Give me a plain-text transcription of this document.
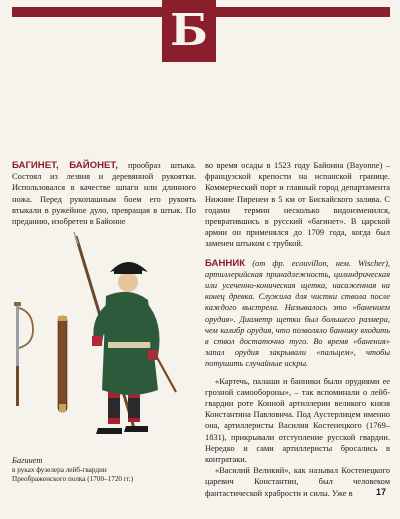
Б

БАГИНЕТ, БАЙОНЕТ, прообраз штыка. Состоял из лезвия и деревянной рукоятки. Использовался в качестве шпаги или длинного ножа. Перед рукопашным боем его рукоять втыкали в ружейное дуло, превращая в штык. По преданию, изобретен в Байонне

Багинет
в руках фузелера лейб-гвардии
Преображенского полка (1700–1720 гг.)

во время осады в 1523 году Байонна (Bayonne) – французской крепости на испанской границе. Коммерческий порт и главный город департамента Нижние Пиренеи в 5 км от Бискайского залива. С годами термин несколько видоизменился, превратившись в русский «багинет». В царской армии он применялся до 1709 года, когда был заменен штыком с трубкой.

БАННИК (от фр. ecouvillon, нем. Wischer), артиллерийская принадлежность, цилиндрическая или усеченно-коническая щетка, насаженная на конец древка. Служила для чистки ствола после каждого выстрела. Называлось это «банением орудия». Диаметр щетки был большего размера, чем калибр орудия, что позволяло баннику входить в ствол достаточно туго. Во время «банения» запал орудия закрывали «пальцем», чтобы потушить случайные искры.

«Картечь, палаши и банники были орудиями ее грозной самообороны», – так вспоминали о лейб-гвардии роте Конной артиллерии великого князя Константина Павловича. Под Аустерлицем именно она, артиллеристы Василия Костенецкого (1769–1831), прикрывали отступление русской гвардии. Нередко и сами артиллеристы бросались в контратаки.

«Василий Великий», как называл Костенецкого царевич Константин, был человеком фантастической храбрости и силы. Уже в	17
